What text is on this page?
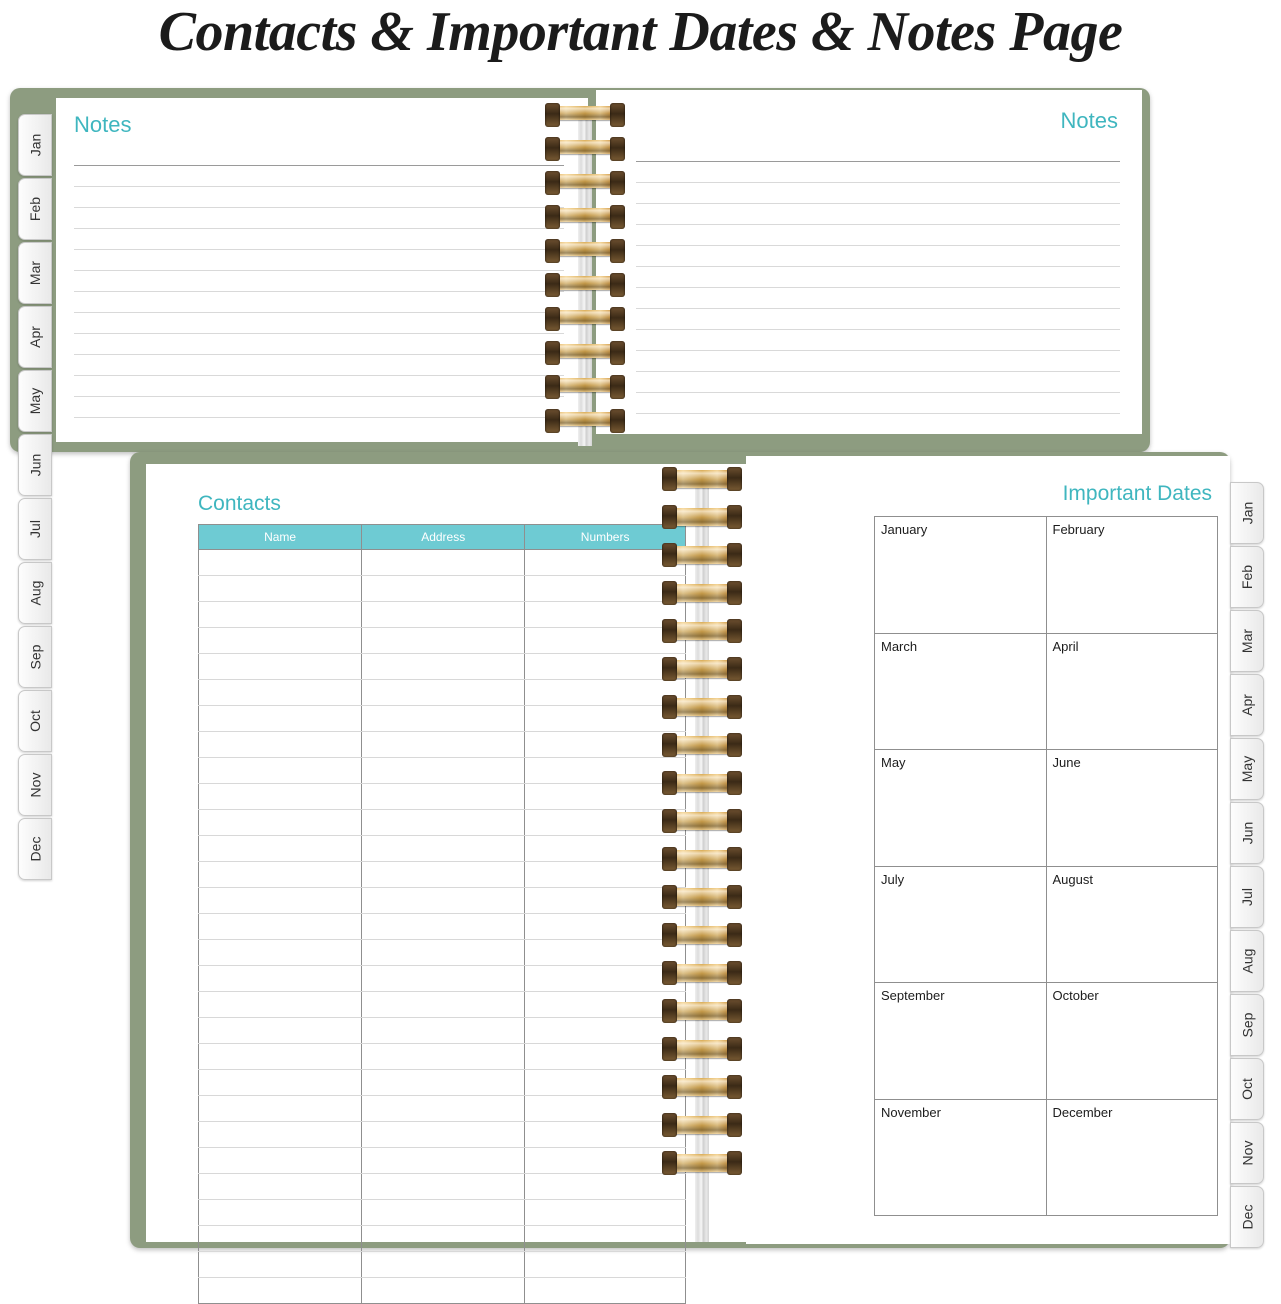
Contacts & Important Dates & Notes Page
Jan
Feb
Mar
Apr
May
Jun
Jul
Aug
Sep
Oct
Nov
Dec
Notes	Notes
Contacts
Name	Address	Numbers

Important Dates
January	February
March	April
May	June
July	August
September	October
November	December
Jan
Feb
Mar
Apr
May
Jun
Jul
Aug
Sep
Oct
Nov
Dec
